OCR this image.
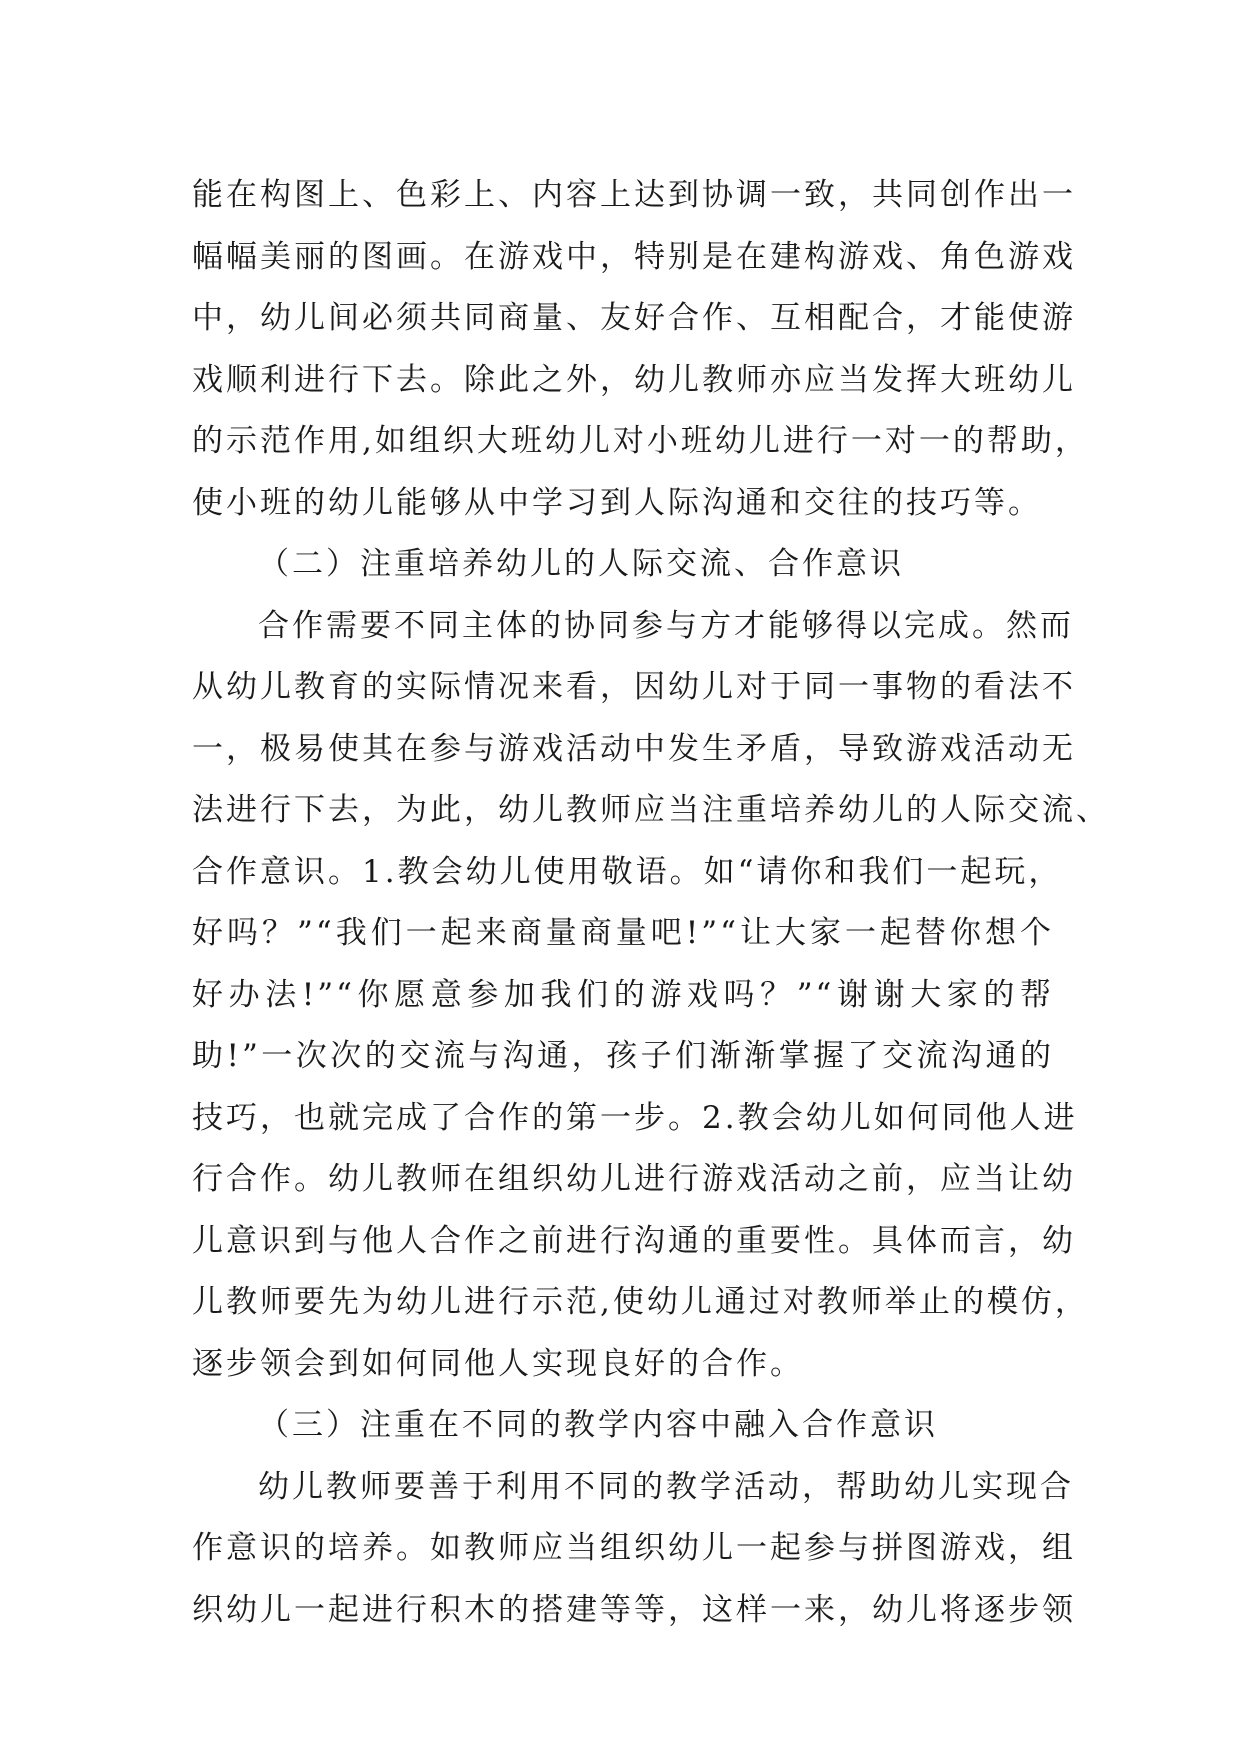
能在构图上、色彩上、内容上达到协调一致，共同创作出一
幅幅美丽的图画。在游戏中，特别是在建构游戏、角色游戏
中，幼儿间必须共同商量、友好合作、互相配合，才能使游
戏顺利进行下去。除此之外，幼儿教师亦应当发挥大班幼儿
的示范作用,如组织大班幼儿对小班幼儿进行一对一的帮助，
使小班的幼儿能够从中学习到人际沟通和交往的技巧等。
（二）注重培养幼儿的人际交流、合作意识
合作需要不同主体的协同参与方才能够得以完成。然而
从幼儿教育的实际情况来看，因幼儿对于同一事物的看法不
一，极易使其在参与游戏活动中发生矛盾，导致游戏活动无
法进行下去，为此，幼儿教师应当注重培养幼儿的人际交流、
合作意识。1.教会幼儿使用敬语。如“请你和我们一起玩，
好吗？”“我们一起来商量商量吧!”“让大家一起替你想个
好办法!”“你愿意参加我们的游戏吗？”“谢谢大家的帮
助!”一次次的交流与沟通，孩子们渐渐掌握了交流沟通的
技巧，也就完成了合作的第一步。2.教会幼儿如何同他人进
行合作。幼儿教师在组织幼儿进行游戏活动之前，应当让幼
儿意识到与他人合作之前进行沟通的重要性。具体而言，幼
儿教师要先为幼儿进行示范,使幼儿通过对教师举止的模仿，
逐步领会到如何同他人实现良好的合作。
（三）注重在不同的教学内容中融入合作意识
幼儿教师要善于利用不同的教学活动，帮助幼儿实现合
作意识的培养。如教师应当组织幼儿一起参与拼图游戏，组
织幼儿一起进行积木的搭建等等，这样一来，幼儿将逐步领
